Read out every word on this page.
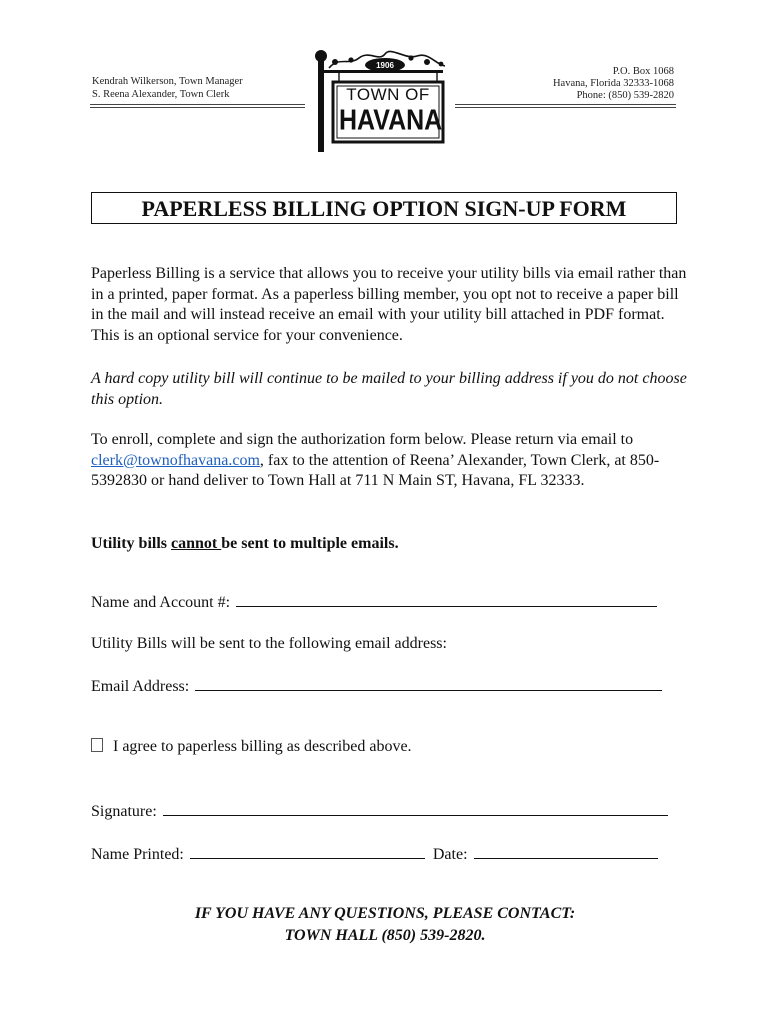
Kendrah Wilkerson, Town Manager
S. Reena Alexander, Town Clerk
P.O. Box 1068
Havana, Florida 32333-1068
Phone: (850) 539-2820
1906
TOWN OF
HAVANA
PAPERLESS BILLING OPTION SIGN-UP FORM
Paperless Billing is a service that allows you to receive your utility bills via email rather than in a printed, paper format. As a paperless billing member, you opt not to receive a paper bill in the mail and will instead receive an email with your utility bill attached in PDF format. This is an optional service for your convenience.
A hard copy utility bill will continue to be mailed to your billing address if you do not choose this option.
To enroll, complete and sign the authorization form below. Please return via email to clerk@townofhavana.com, fax to the attention of Reena’ Alexander, Town Clerk, at 850-5392830 or hand deliver to Town Hall at 711 N Main ST, Havana, FL 32333.
Utility bills cannot be sent to multiple emails.
Name and Account #:
Utility Bills will be sent to the following email address:
Email Address:
I agree to paperless billing as described above.
Signature:
Name Printed:	Date:
IF YOU HAVE ANY QUESTIONS, PLEASE CONTACT:
TOWN HALL (850) 539-2820.
